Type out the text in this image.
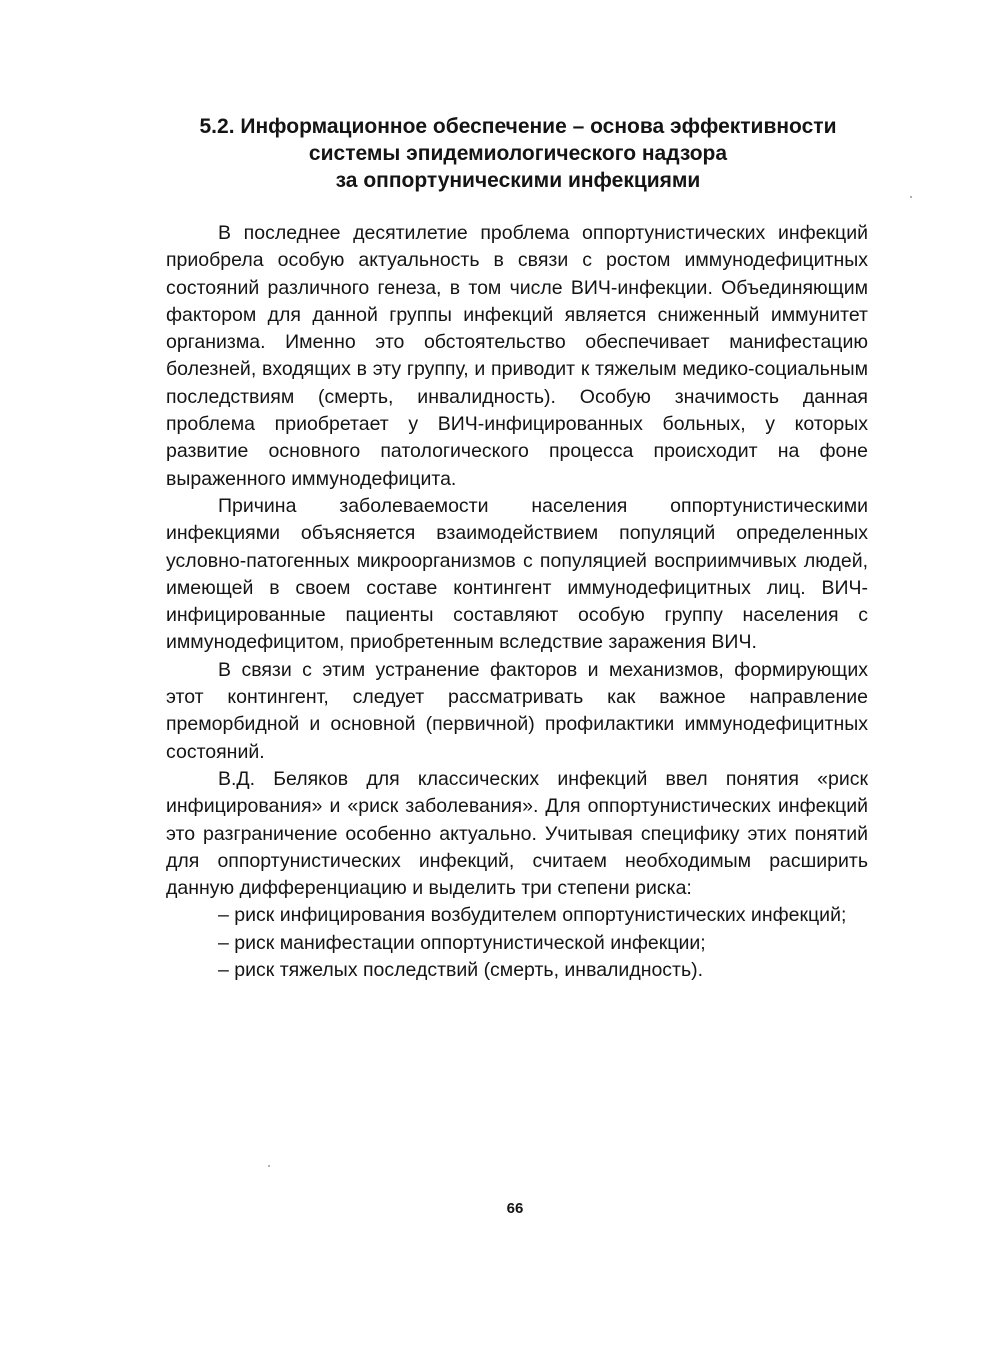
5.2. Информационное обеспечение – основа эффективности
системы эпидемиологического надзора
за оппортуническими инфекциями

В последнее десятилетие проблема оппортунистических инфекций приобрела особую актуальность в связи с ростом иммунодефицитных состояний различного генеза, в том числе ВИЧ-инфекции. Объединяющим фактором для данной группы инфекций является сниженный иммунитет организма. Именно это обстоятельство обеспечивает манифестацию болезней, входящих в эту группу, и приводит к тяжелым медико-социальным последствиям (смерть, инвалидность). Особую значимость данная проблема приобретает у ВИЧ-инфицированных больных, у которых развитие основного патологического процесса происходит на фоне выраженного иммунодефицита.

Причина заболеваемости населения оппортунистическими инфекциями объясняется взаимодействием популяций определенных условно-патогенных микроорганизмов с популяцией восприимчивых людей, имеющей в своем составе контингент иммунодефицитных лиц. ВИЧ-инфицированные пациенты составляют особую группу населения с иммунодефицитом, приобретенным вследствие заражения ВИЧ.

В связи с этим устранение факторов и механизмов, формирующих этот контингент, следует рассматривать как важное направление преморбидной и основной (первичной) профилактики иммунодефицитных состояний.

В.Д. Беляков для классических инфекций ввел понятия «риск инфицирования» и «риск заболевания». Для оппортунистических инфекций это разграничение особенно актуально. Учитывая специфику этих понятий для оппортунистических инфекций, считаем необходимым расширить данную дифференциацию и выделить три степени риска:

– риск инфицирования возбудителем оппортунистических инфекций;

– риск манифестации оппортунистической инфекции;

– риск тяжелых последствий (смерть, инвалидность).

66
